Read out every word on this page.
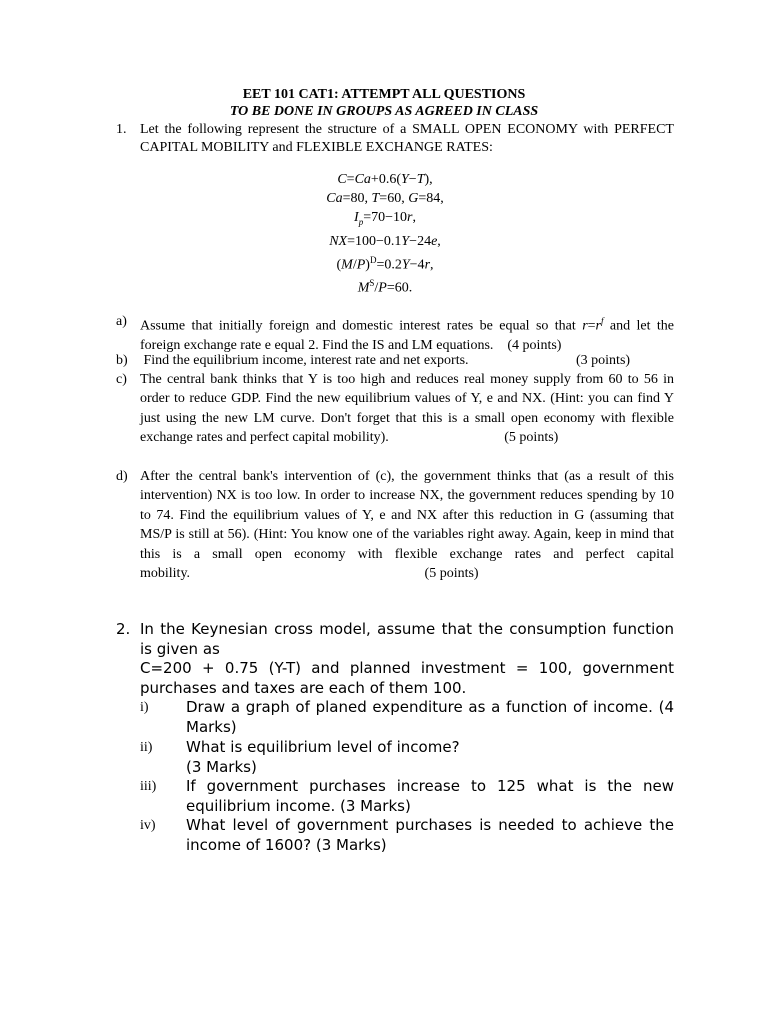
EET 101 CAT1: ATTEMPT ALL QUESTIONS
TO BE DONE IN GROUPS AS AGREED IN CLASS
1. Let the following represent the structure of a SMALL OPEN ECONOMY with PERFECT CAPITAL MOBILITY and FLEXIBLE EXCHANGE RATES:
C=Ca+0.6(Y−T),
Ca=80, T=60, G=84,
$I_p=70-10r$,
NX=100−0.1Y−24e,
$(M/P)^D=0.2Y-4r$,
$M^S/P=60$.
a) Assume that initially foreign and domestic interest rates be equal so that $r=r^f$ and let the foreign exchange rate e equal 2. Find the IS and LM equations.    (4 points)
b) Find the equilibrium income, interest rate and net exports.	(3 points)
c) The central bank thinks that Y is too high and reduces real money supply from 60 to 56 in order to reduce GDP. Find the new equilibrium values of Y, e and NX. (Hint: you can find Y just using the new LM curve. Don't forget that this is a small open economy with flexible exchange rates and perfect capital mobility).                                 (5 points)
d) After the central bank's intervention of (c), the government thinks that (as a result of this intervention) NX is too low. In order to increase NX, the government reduces spending by 10 to 74. Find the equilibrium values of Y, e and NX after this reduction in G (assuming that MS/P is still at 56). (Hint: You know one of the variables right away. Again, keep in mind that this is a small open economy with flexible exchange rates and perfect capital mobility.                                                                   (5 points)
2. In the Keynesian cross model, assume that the consumption function is given as
C=200 + 0.75 (Y-T) and planned investment = 100, government purchases and taxes are each of them 100.
i) Draw a graph of planed expenditure as a function of income. (4 Marks)
ii) What is equilibrium level of income?                                             (3 Marks)
iii) If government purchases increase to 125 what is the new equilibrium income. (3 Marks)
iv) What level of government purchases is needed to achieve the income of 1600? (3 Marks)
